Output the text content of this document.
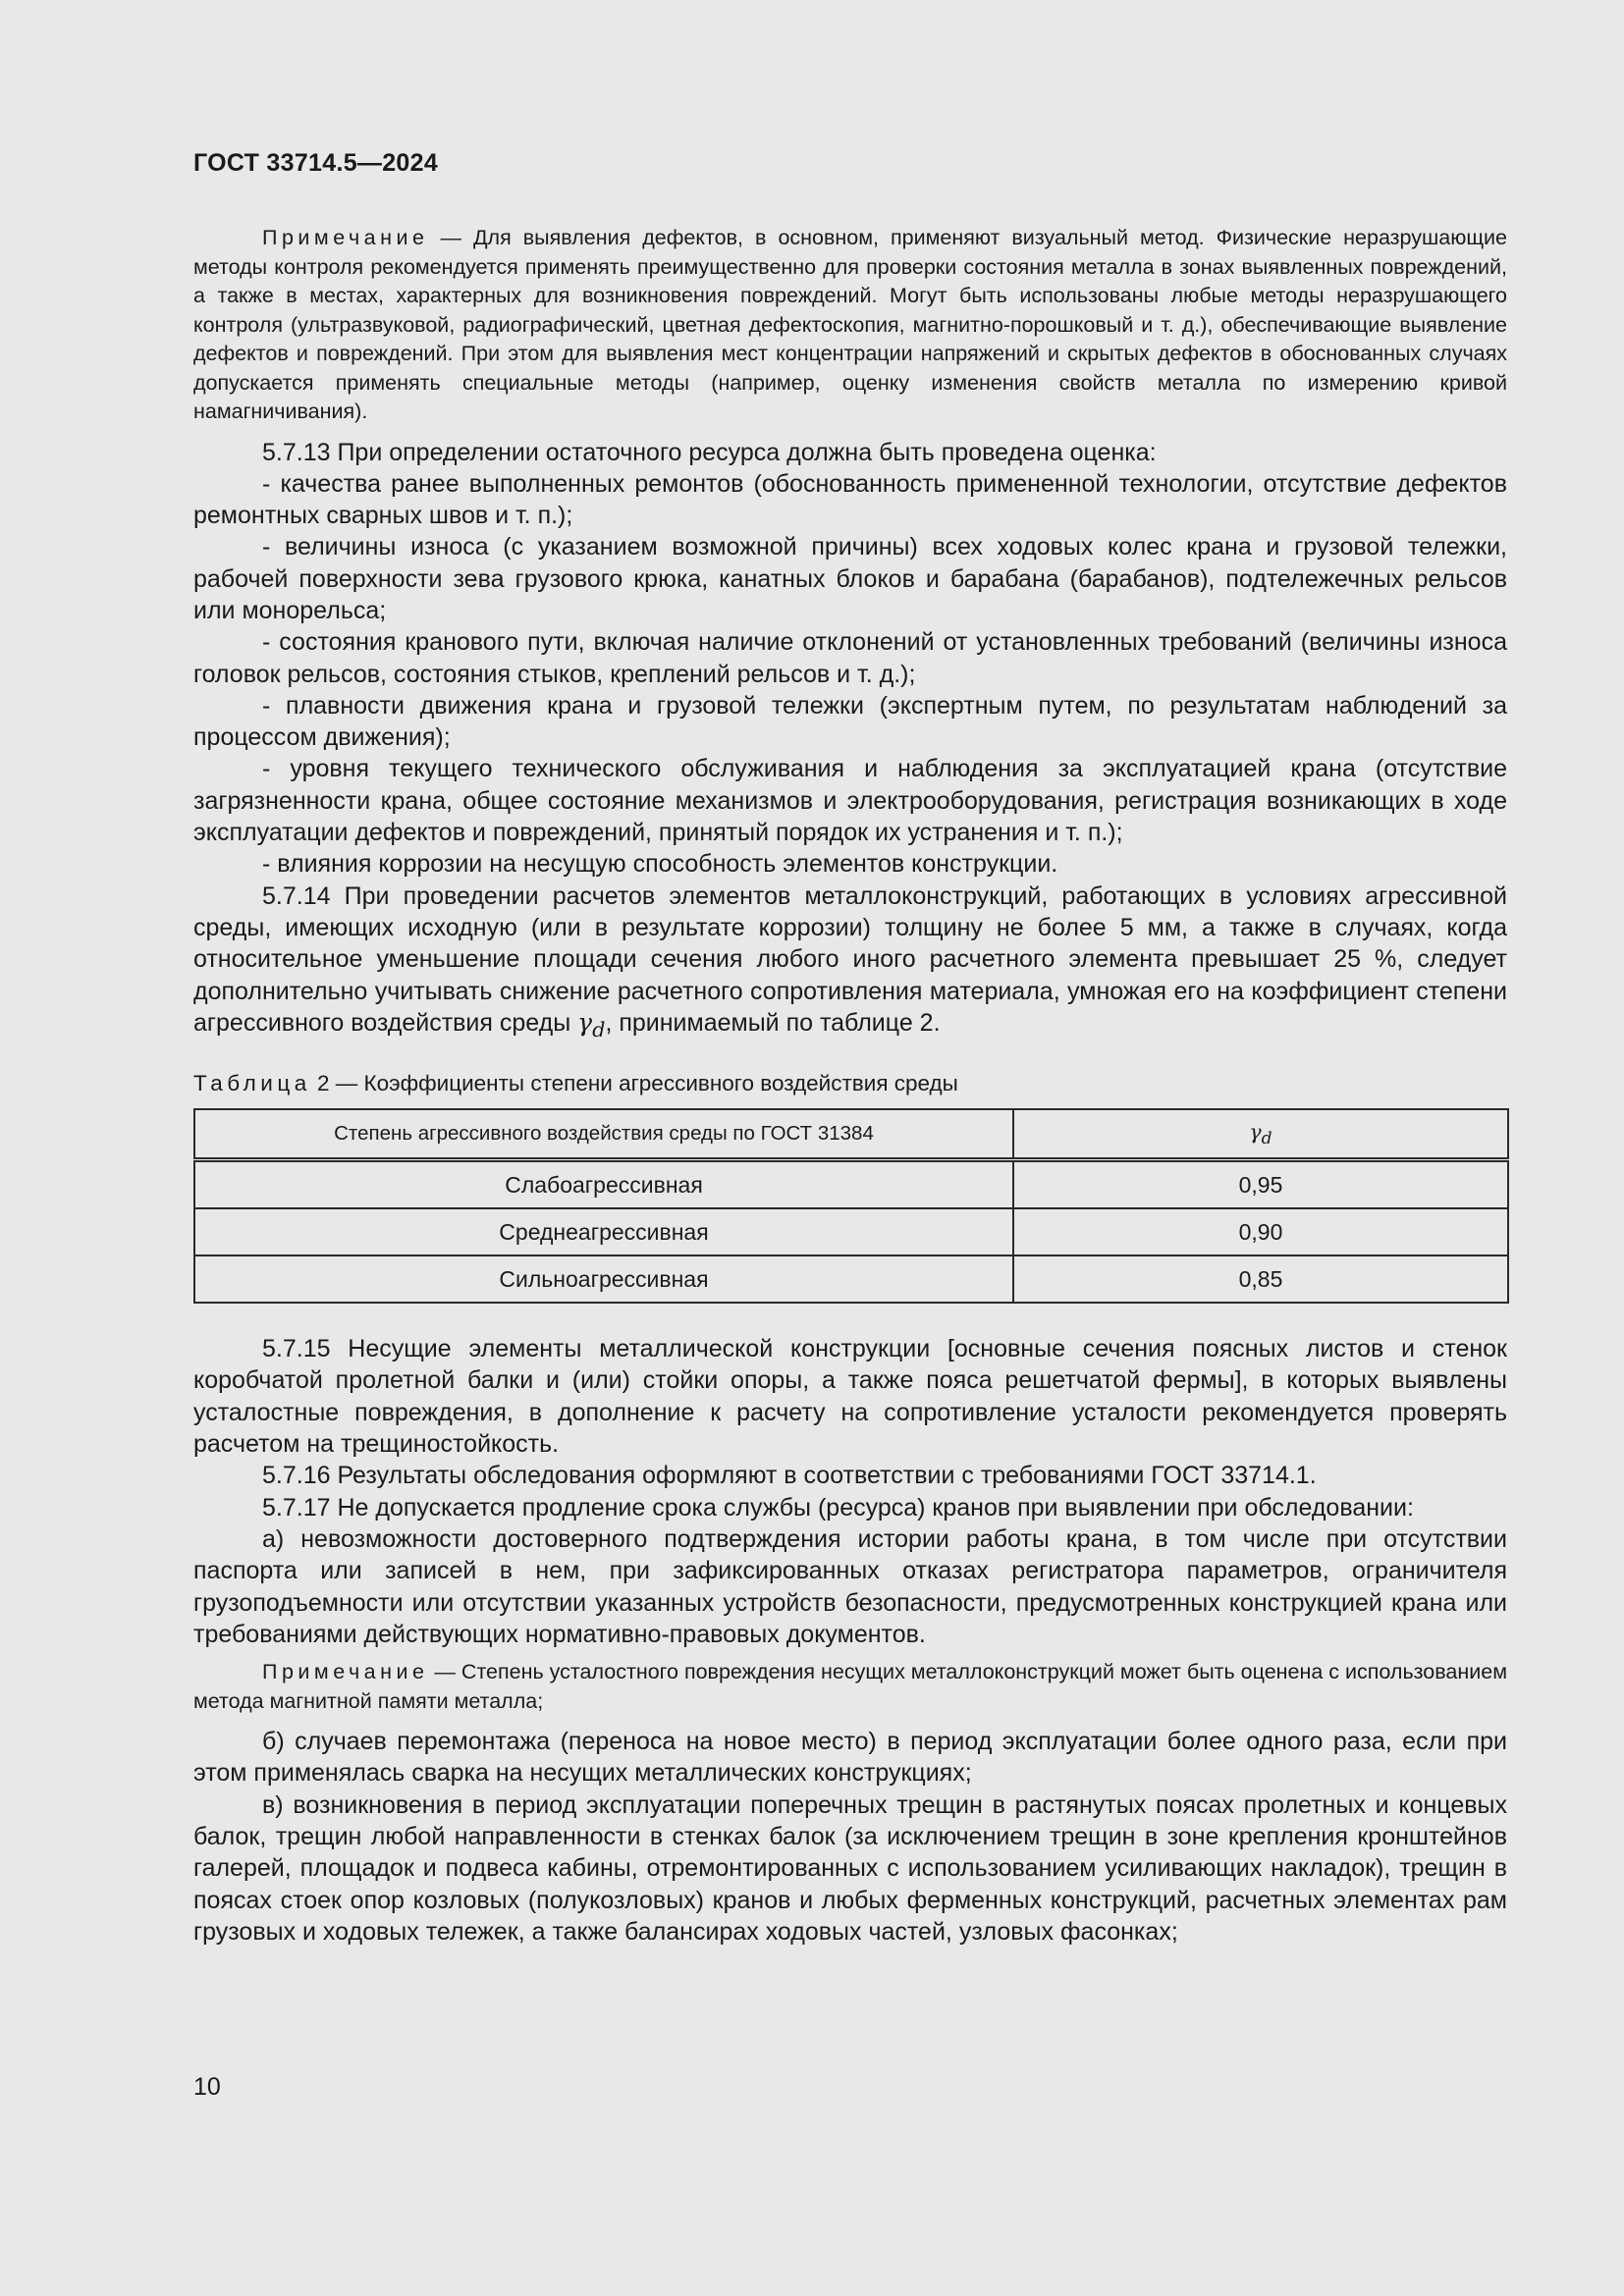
ГОСТ 33714.5—2024

Примечание — Для выявления дефектов, в основном, применяют визуальный метод. Физические неразрушающие методы контроля рекомендуется применять преимущественно для проверки состояния металла в зонах выявленных повреждений, а также в местах, характерных для возникновения повреждений. Могут быть использованы любые методы неразрушающего контроля (ультразвуковой, радиографический, цветная дефектоскопия, магнитно-порошковый и т. д.), обеспечивающие выявление дефектов и повреждений. При этом для выявления мест концентрации напряжений и скрытых дефектов в обоснованных случаях допускается применять специальные методы (например, оценку изменения свойств металла по измерению кривой намагничивания).

5.7.13 При определении остаточного ресурса должна быть проведена оценка:

- качества ранее выполненных ремонтов (обоснованность примененной технологии, отсутствие дефектов ремонтных сварных швов и т. п.);

- величины износа (с указанием возможной причины) всех ходовых колес крана и грузовой тележки, рабочей поверхности зева грузового крюка, канатных блоков и барабана (барабанов), подтележечных рельсов или монорельса;

- состояния кранового пути, включая наличие отклонений от установленных требований (величины износа головок рельсов, состояния стыков, креплений рельсов и т. д.);

- плавности движения крана и грузовой тележки (экспертным путем, по результатам наблюдений за процессом движения);

- уровня текущего технического обслуживания и наблюдения за эксплуатацией крана (отсутствие загрязненности крана, общее состояние механизмов и электрооборудования, регистрация возникающих в ходе эксплуатации дефектов и повреждений, принятый порядок их устранения и т. п.);

- влияния коррозии на несущую способность элементов конструкции.

5.7.14 При проведении расчетов элементов металлоконструкций, работающих в условиях агрессивной среды, имеющих исходную (или в результате коррозии) толщину не более 5 мм, а также в случаях, когда относительное уменьшение площади сечения любого иного расчетного элемента превышает 25 %, следует дополнительно учитывать снижение расчетного сопротивления материала, умножая его на коэффициент степени агрессивного воздействия среды $\gamma_d$, принимаемый по таблице 2.

Таблица 2 — Коэффициенты степени агрессивного воздействия среды
Степень агрессивного воздействия среды по ГОСТ 31384	$\gamma_d$
Слабоагрессивная	0,95
Среднеагрессивная	0,90
Сильноагрессивная	0,85

5.7.15 Несущие элементы металлической конструкции [основные сечения поясных листов и стенок коробчатой пролетной балки и (или) стойки опоры, а также пояса решетчатой фермы], в которых выявлены усталостные повреждения, в дополнение к расчету на сопротивление усталости рекомендуется проверять расчетом на трещиностойкость.

5.7.16 Результаты обследования оформляют в соответствии с требованиями ГОСТ 33714.1.

5.7.17 Не допускается продление срока службы (ресурса) кранов при выявлении при обследовании:

а) невозможности достоверного подтверждения истории работы крана, в том числе при отсутствии паспорта или записей в нем, при зафиксированных отказах регистратора параметров, ограничителя грузоподъемности или отсутствии указанных устройств безопасности, предусмотренных конструкцией крана или требованиями действующих нормативно-правовых документов.

Примечание — Степень усталостного повреждения несущих металлоконструкций может быть оценена с использованием метода магнитной памяти металла;

б) случаев перемонтажа (переноса на новое место) в период эксплуатации более одного раза, если при этом применялась сварка на несущих металлических конструкциях;

в) возникновения в период эксплуатации поперечных трещин в растянутых поясах пролетных и концевых балок, трещин любой направленности в стенках балок (за исключением трещин в зоне крепления кронштейнов галерей, площадок и подвеса кабины, отремонтированных с использованием усиливающих накладок), трещин в поясах стоек опор козловых (полукозловых) кранов и любых ферменных конструкций, расчетных элементах рам грузовых и ходовых тележек, а также балансирах ходовых частей, узловых фасонках;

10
